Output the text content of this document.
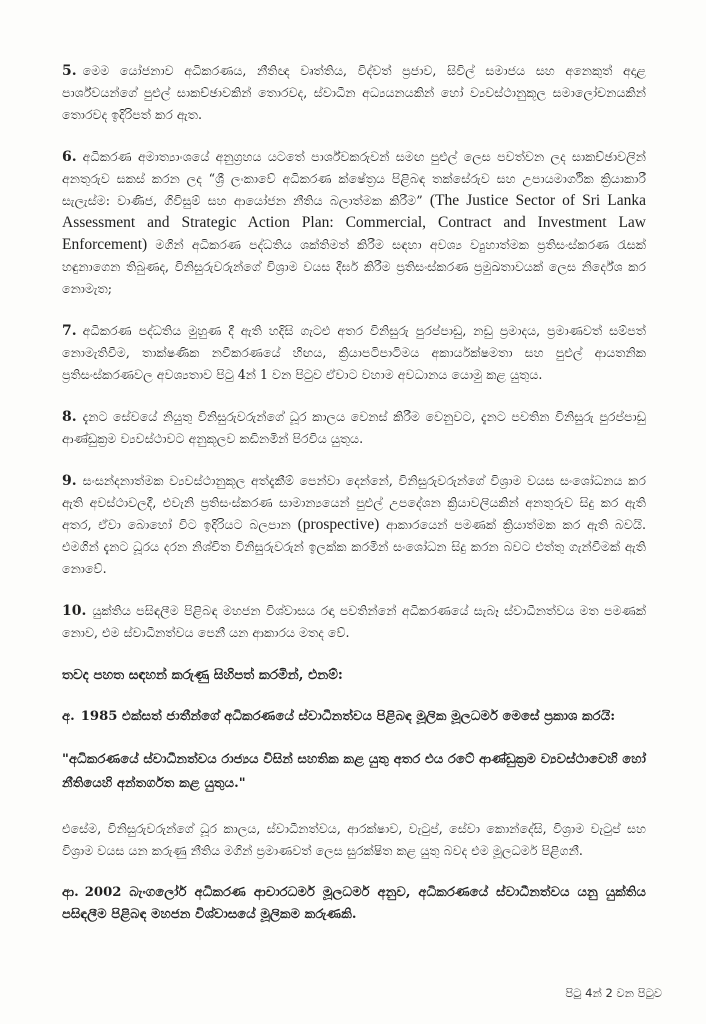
5. මෙම යෝජනාව අධිකරණය, නීතිඥ වෘත්තිය, විද්වත් ප්‍රජාව, සිවිල් සමාජය සහ අනෙකුත් අදාළ පාර්ශ්වයන්ගේ පුළුල් සාකච්ඡාවකින් තොරවද, ස්වාධීන අධ්‍යයනයකින් හෝ ව්‍යවස්ථානුකූල සමාලෝචනයකින් තොරවද ඉදිරිපත් කර ඇත.

6. අධිකරණ අමාත්‍යාංශයේ අනුග්‍රහය යටතේ පාර්ශ්වකරුවන් සමඟ පුළුල් ලෙස පවත්වන ලද සාකච්ඡාවලින් අනතුරුව සකස් කරන ලද “ශ්‍රී ලංකාවේ අධිකරණ ක්ෂේත්‍රය පිළිබඳ තක්සේරුව සහ උපායමාර්ගික ක්‍රියාකාරී සැලැස්ම: වාණිජ, ගිවිසුම් සහ ආයෝජන නීතිය බලාත්මක කිරීම” (The Justice Sector of Sri Lanka Assessment and Strategic Action Plan: Commercial, Contract and Investment Law Enforcement) මගින් අධිකරණ පද්ධතිය ශක්තිමත් කිරීම සඳහා අවශ්‍ය ව්‍යුහාත්මක ප්‍රතිසංස්කරණ රැසක් හඳුනාගෙන තිබුණද, විනිසුරුවරුන්ගේ විශ්‍රාම වයස දීර්ඝ කිරීම ප්‍රතිසංස්කරණ ප්‍රමුඛතාවයක් ලෙස නිර්දේශ කර නොමැත;

7. අධිකරණ පද්ධතිය මුහුණ දී ඇති හදිසි ගැටළු අතර විනිසුරු පුරප්පාඩු, නඩු ප්‍රමාදය, ප්‍රමාණවත් සම්පත් නොමැතිවීම, තාක්ෂණික නවීකරණයේ හිඟය, ක්‍රියාපටිපාටිමය අකාර්යක්ෂමතා සහ පුළුල් ආයතනික ප්‍රතිසංස්කරණවල අවශ්‍යතාව පිටු 4න් 1 වන පිටුව ඒවාට වහාම අවධානය යොමු කළ යුතුය.

8. දැනට සේවයේ නියුතු විනිසුරුවරුන්ගේ ධූර කාලය වෙනස් කිරීම වෙනුවට, දැනට පවතින විනිසුරු පුරප්පාඩු ආණ්ඩුක්‍රම ව්‍යවස්ථාවට අනුකූලව කඩිනමින් පිරවිය යුතුය.

9. සංසන්දනාත්මක ව්‍යවස්ථානුකූල අත්දැකීම් පෙන්වා දෙන්නේ, විනිසුරුවරුන්ගේ විශ්‍රාම වයස සංශෝධනය කර ඇති අවස්ථාවලදී, එවැනි ප්‍රතිසංස්කරණ සාමාන්‍යයෙන් පුළුල් උපදේශන ක්‍රියාවලියකින් අනතුරුව සිදු කර ඇති අතර, ඒවා බොහෝ විට ඉදිරියට බලපාන (prospective) ආකාරයෙන් පමණක් ක්‍රියාත්මක කර ඇති බවයි. එමගින් දැනට ධූරය දරන නිශ්චිත විනිසුරුවරුන් ඉලක්ක කරමින් සංශෝධන සිදු කරන බවට එත්තු ගැන්වීමක් ඇති නොවේ.

10. යුක්තිය පසිඳලීම පිළිබඳ මහජන විශ්වාසය රඳා පවතින්නේ අධිකරණයේ සැබෑ ස්වාධීනත්වය මත පමණක් නොව, එම ස්වාධීනත්වය පෙනී යන ආකාරය මතද වේ.

තවද පහත සඳහන් කරුණු සිහිපත් කරමින්, එනම්:

අ. 1985 එක්සත් ජාතීන්ගේ අධිකරණයේ ස්වාධීනත්වය පිළිබඳ මූලික මූලධර්ම මෙසේ ප්‍රකාශ කරයි:

"අධිකරණයේ ස්වාධීනත්වය රාජ්‍යය විසින් සහතික කළ යුතු අතර එය රටේ ආණ්ඩුක්‍රම ව්‍යවස්ථාවෙහි හෝ නීතියෙහි අන්තර්ගත කළ යුතුය."

එසේම, විනිසුරුවරුන්ගේ ධූර කාලය, ස්වාධීනත්වය, ආරක්ෂාව, වැටුප්, සේවා කොන්දේසි, විශ්‍රාම වැටුප් සහ විශ්‍රාම වයස යන කරුණු නීතිය මගින් ප්‍රමාණවත් ලෙස සුරක්ෂිත කළ යුතු බවද එම මූලධර්ම පිළිගනී.

ආ. 2002 බැංගලෝර් අධිකරණ ආචාරධර්ම මූලධර්ම අනුව, අධිකරණයේ ස්වාධීනත්වය යනු යුක්තිය පසිඳලීම පිළිබඳ මහජන විශ්වාසයේ මූලිකම කරුණකි.

පිටු 4න් 2 වන පිටුව
